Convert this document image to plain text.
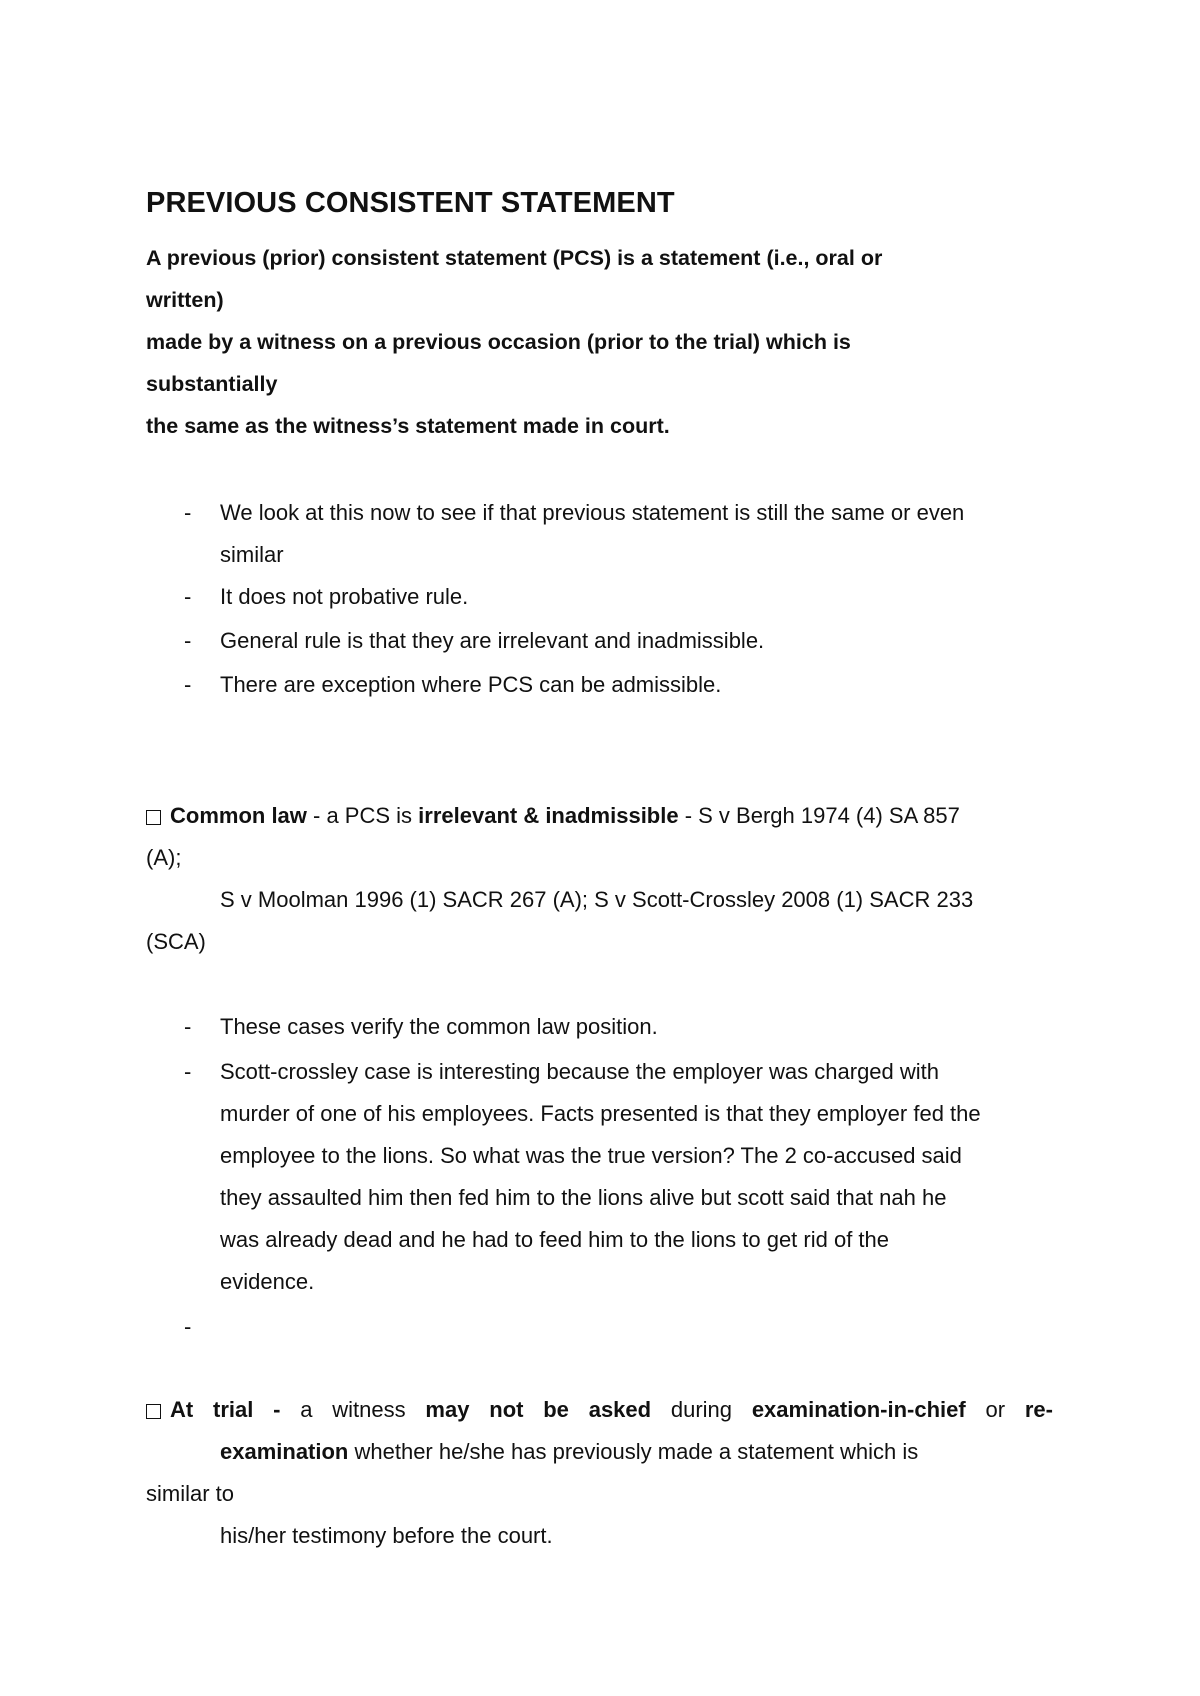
PREVIOUS CONSISTENT STATEMENT
A previous (prior) consistent statement (PCS) is a statement (i.e., oral or
written)
made by a witness on a previous occasion (prior to the trial) which is
substantially
the same as the witness’s statement made in court.
- We look at this now to see if that previous statement is still the same or even
similar
- It does not probative rule.
- General rule is that they are irrelevant and inadmissible.
- There are exception where PCS can be admissible.
Common law - a PCS is irrelevant & inadmissible - S v Bergh 1974 (4) SA 857
(A);
S v Moolman 1996 (1) SACR 267 (A); S v Scott-Crossley 2008 (1) SACR 233
(SCA)
- These cases verify the common law position.
- Scott-crossley case is interesting because the employer was charged with
murder of one of his employees. Facts presented is that they employer fed the
employee to the lions. So what was the true version? The 2 co-accused said
they assaulted him then fed him to the lions alive but scott said that nah he
was already dead and he had to feed him to the lions to get rid of the
evidence.
-
At trial - a witness may not be asked during examination-in-chief or re-
examination whether he/she has previously made a statement which is
similar to
his/her testimony before the court.
